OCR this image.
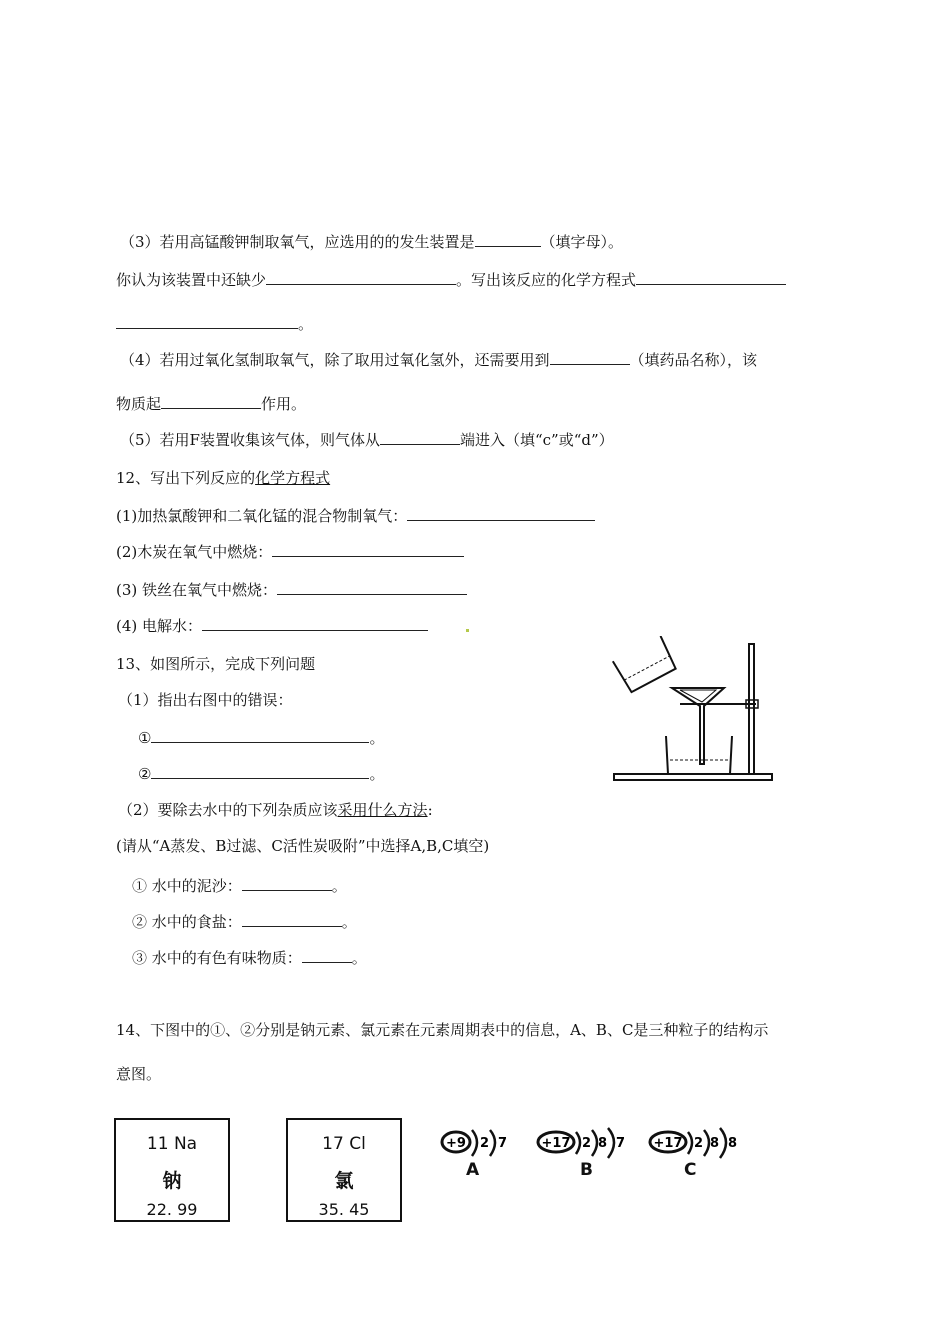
（3）若用高锰酸钾制取氧气，应选用的的发生装置是	（填字母）。
你认为该装置中还缺少	。写出该反应的化学方程式
。
（4）若用过氧化氢制取氧气，除了取用过氧化氢外，还需要用到	（填药品名称），该
物质起	作用。
（5）若用F装置收集该气体，则气体从	端进入（填“c”或“d”）
12、写出下列反应的化学方程式
(1)加热氯酸钾和二氧化锰的混合物制氧气：
(2)木炭在氧气中燃烧：
(3) 铁丝在氧气中燃烧：
(4) 电解水：
13、如图所示，完成下列问题
（1）指出右图中的错误：
①	。
②	。
（2）要除去水中的下列杂质应该采用什么方法:
(请从“A蒸发、B过滤、C活性炭吸附”中选择A,B,C填空)
① 水中的泥沙：	。
② 水中的食盐：	。
③ 水中的有色有味物质：	。
14、下图中的①、②分别是钠元素、氯元素在元素周期表中的信息，A、B、C是三种粒子的结构示
意图。
11 Na
钠
22. 99
17 Cl
氯
35. 45
+9 2 7
A
+17 2 8 7
B
+17 2 8 8
C
